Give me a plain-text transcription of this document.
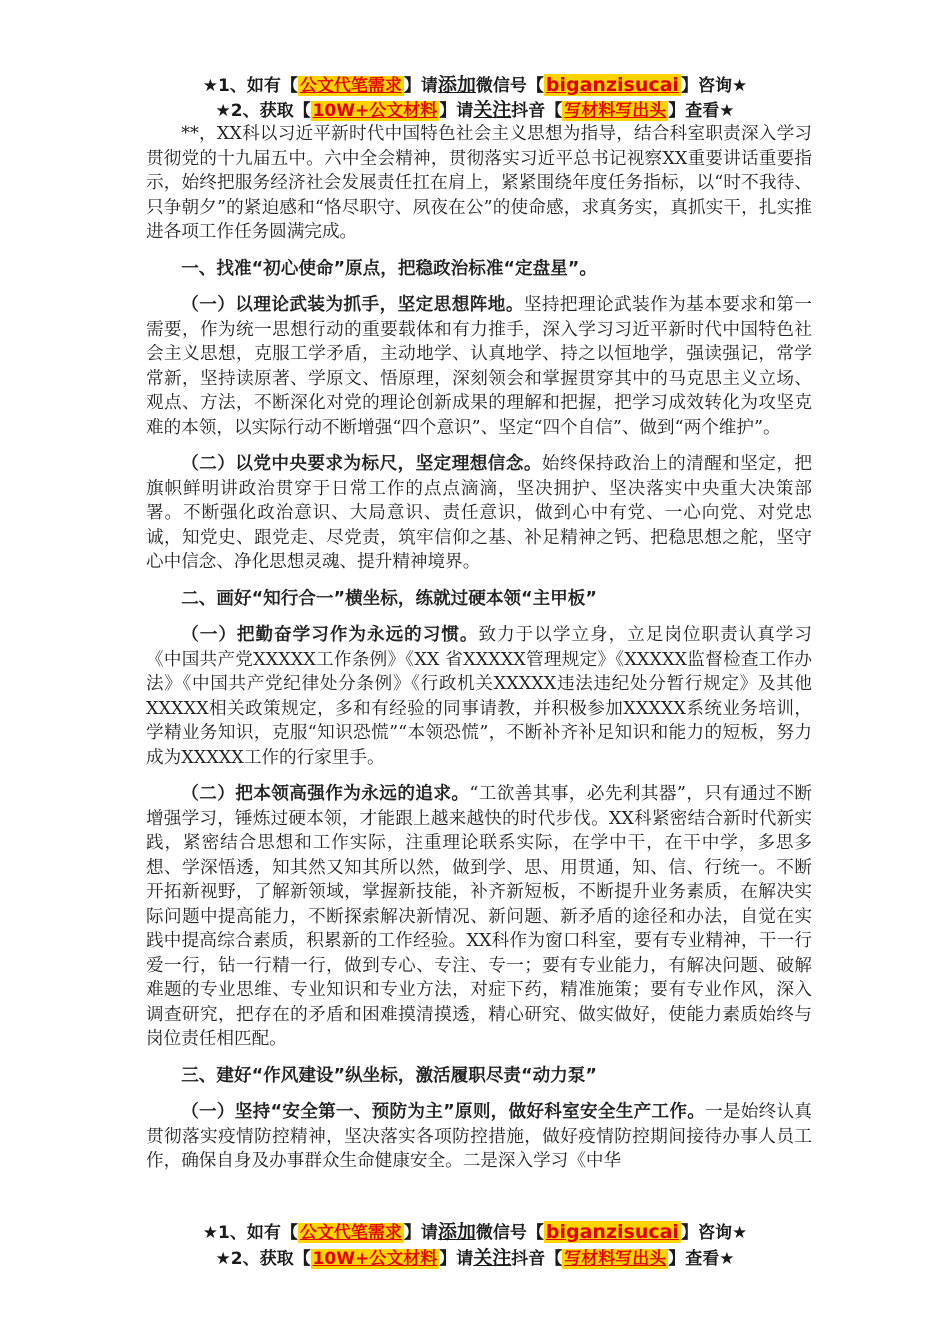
★1、如有【 公文代笔需求 】请添加微信号【 biganzisucai 】咨询★
★2、获取【 10W+公文材料 】请关注抖音【 写材料写出头 】查看★

**，XX科以习近平新时代中国特色社会主义思想为指导，结合科室职责深入学习贯彻党的十九届五中。六中全会精神，贯彻落实习近平总书记视察XX重要讲话重要指示，始终把服务经济社会发展责任扛在肩上，紧紧围绕年度任务指标，以“时不我待、只争朝夕”的紧迫感和“恪尽职守、夙夜在公”的使命感，求真务实，真抓实干，扎实推进各项工作任务圆满完成。

一、找准“初心使命”原点，把稳政治标准“定盘星”。

（一）以理论武装为抓手，坚定思想阵地。坚持把理论武装作为基本要求和第一需要，作为统一思想行动的重要载体和有力推手，深入学习习近平新时代中国特色社会主义思想，克服工学矛盾，主动地学、认真地学、持之以恒地学，强读强记，常学常新，坚持读原著、学原文、悟原理，深刻领会和掌握贯穿其中的马克思主义立场、观点、方法，不断深化对党的理论创新成果的理解和把握，把学习成效转化为攻坚克难的本领，以实际行动不断增强“四个意识”、坚定“四个自信”、做到“两个维护”。

（二）以党中央要求为标尺，坚定理想信念。始终保持政治上的清醒和坚定，把旗帜鲜明讲政治贯穿于日常工作的点点滴滴，坚决拥护、坚决落实中央重大决策部署。不断强化政治意识、大局意识、责任意识，做到心中有党、一心向党、对党忠诚，知党史、跟党走、尽党责，筑牢信仰之基、补足精神之钙、把稳思想之舵，坚守心中信念、净化思想灵魂、提升精神境界。

二、画好“知行合一”横坐标，练就过硬本领“主甲板”

（一）把勤奋学习作为永远的习惯。致力于以学立身，立足岗位职责认真学习《中国共产党XXXXX工作条例》《XX 省XXXXX管理规定》《XXXXX监督检查工作办法》《中国共产党纪律处分条例》《行政机关XXXXX违法违纪处分暂行规定》及其他XXXXX相关政策规定，多和有经验的同事请教，并积极参加XXXXX系统业务培训，学精业务知识，克服“知识恐慌”“本领恐慌”，不断补齐补足知识和能力的短板，努力成为XXXXX工作的行家里手。

（二）把本领高强作为永远的追求。“工欲善其事，必先利其器”，只有通过不断增强学习，锤炼过硬本领，才能跟上越来越快的时代步伐。XX科紧密结合新时代新实践，紧密结合思想和工作实际，注重理论联系实际，在学中干，在干中学，多思多想、学深悟透，知其然又知其所以然，做到学、思、用贯通，知、信、行统一。不断开拓新视野，了解新领域，掌握新技能，补齐新短板，不断提升业务素质，在解决实际问题中提高能力，不断探索解决新情况、新问题、新矛盾的途径和办法，自觉在实践中提高综合素质，积累新的工作经验。XX科作为窗口科室，要有专业精神，干一行爱一行，钻一行精一行，做到专心、专注、专一；要有专业能力，有解决问题、破解难题的专业思维、专业知识和专业方法，对症下药，精准施策；要有专业作风，深入调查研究，把存在的矛盾和困难摸清摸透，精心研究、做实做好，使能力素质始终与岗位责任相匹配。

三、建好“作风建设”纵坐标，激活履职尽责“动力泵”

（一）坚持“安全第一、预防为主”原则，做好科室安全生产工作。一是始终认真贯彻落实疫情防控精神，坚决落实各项防控措施，做好疫情防控期间接待办事人员工作，确保自身及办事群众生命健康安全。二是深入学习《中华

★1、如有【 公文代笔需求 】请添加微信号【 biganzisucai 】咨询★
★2、获取【 10W+公文材料 】请关注抖音【 写材料写出头 】查看★
